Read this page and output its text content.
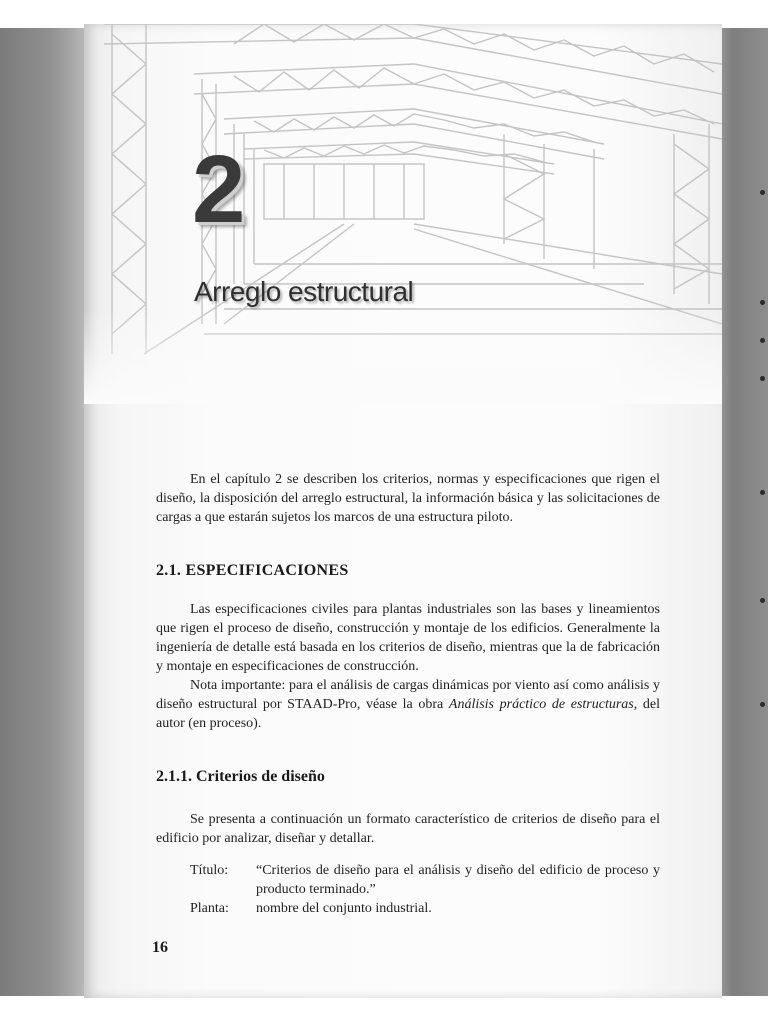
2
Arreglo estructural

En el capítulo 2 se describen los criterios, normas y especificaciones que rigen el diseño, la disposición del arreglo estructural, la información básica y las solicitaciones de cargas a que estarán sujetos los marcos de una estructura piloto.

2.1. ESPECIFICACIONES

Las especificaciones civiles para plantas industriales son las bases y lineamientos que rigen el proceso de diseño, construcción y montaje de los edificios. Generalmente la ingeniería de detalle está basada en los criterios de diseño, mientras que la de fabricación y montaje en especificaciones de construcción.

Nota importante: para el análisis de cargas dinámicas por viento así como análisis y diseño estructural por STAAD-Pro, véase la obra Análisis práctico de estructuras, del autor (en proceso).

2.1.1. Criterios de diseño

Se presenta a continuación un formato característico de criterios de diseño para el edificio por analizar, diseñar y detallar.

Título:	“Criterios de diseño para el análisis y diseño del edificio de proceso y producto terminado.”
Planta:	nombre del conjunto industrial.
16
